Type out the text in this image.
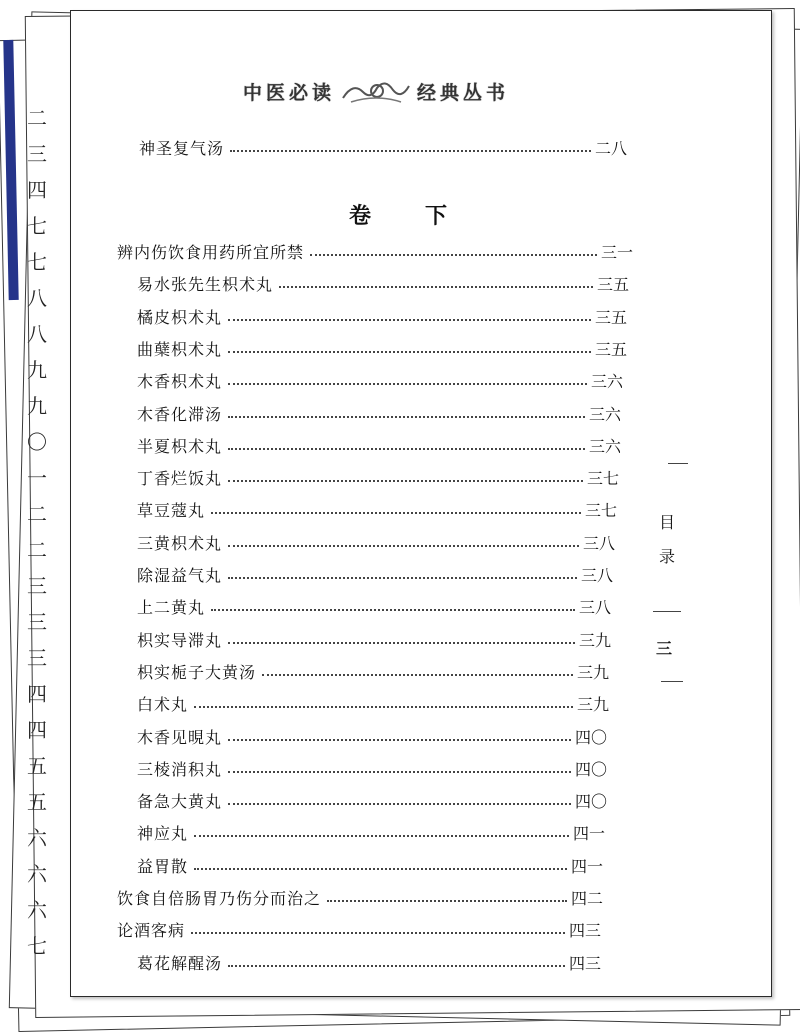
二
三
四
七
七
八
八
九
九
〇
一
二
二
三
三
三
四
四
五
五
六
六
六
七
中医必读	经典丛书
神圣复气汤	二八
卷　下
辨内伤饮食用药所宜所禁	三一
易水张先生枳术丸	三五
橘皮枳术丸	三五
曲蘖枳术丸	三五
木香枳术丸	三六
木香化滞汤	三六
半夏枳术丸	三六
丁香烂饭丸	三七
草豆蔻丸	三七
三黄枳术丸	三八
除湿益气丸	三八
上二黄丸	三八
枳实导滞丸	三九
枳实栀子大黄汤	三九
白术丸	三九
木香见晛丸	四〇
三棱消积丸	四〇
备急大黄丸	四〇
神应丸	四一
益胃散	四一
饮食自倍肠胃乃伤分而治之	四二
论酒客病	四三
葛花解醒汤	四三
目
录
三
